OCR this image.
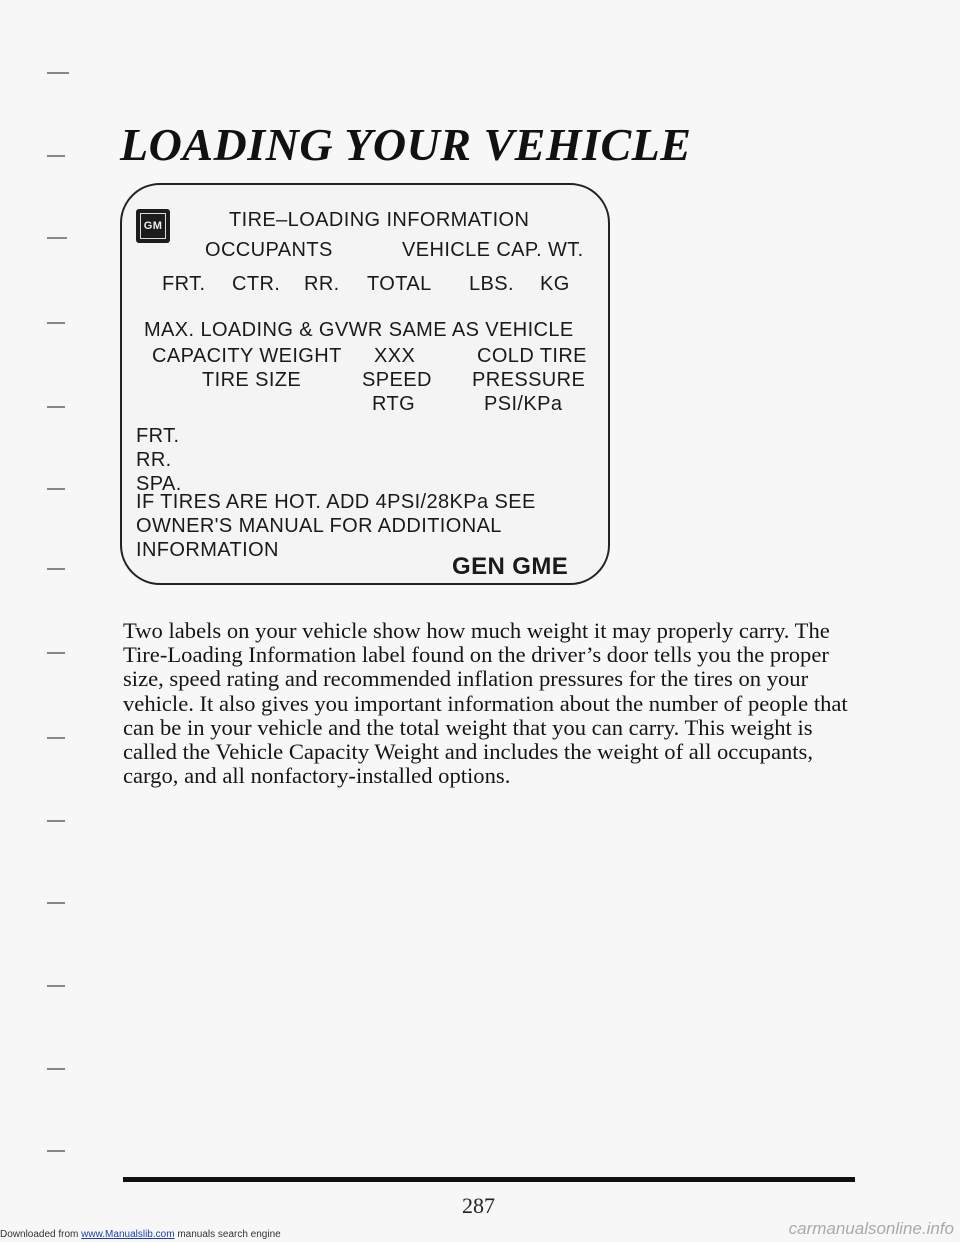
LOADING YOUR VEHICLE
GM	TIRE–LOADING INFORMATION
OCCUPANTS	VEHICLE CAP. WT.
FRT. CTR. RR. TOTAL LBS. KG
MAX. LOADING & GVWR SAME AS VEHICLE
CAPACITY WEIGHT XXX	COLD TIRE
TIRE SIZE	SPEED PRESSURE
RTG	PSI/KPa
FRT.
RR.
SPA.
IF TIRES ARE HOT. ADD 4PSI/28KPa SEE
OWNER'S MANUAL FOR ADDITIONAL
INFORMATION
GEN GME

Two labels on your vehicle show how much weight it may properly carry. The Tire-Loading Information label found on the driver’s door tells you the proper size, speed rating and recommended inflation pressures for the tires on your vehicle. It also gives you important information about the number of people that can be in your vehicle and the total weight that you can carry. This weight is called the Vehicle Capacity Weight and includes the weight of all occupants, cargo, and all nonfactory-installed options.

287
Downloaded from www.Manualslib.com manuals search engine	carmanualsonline.info
